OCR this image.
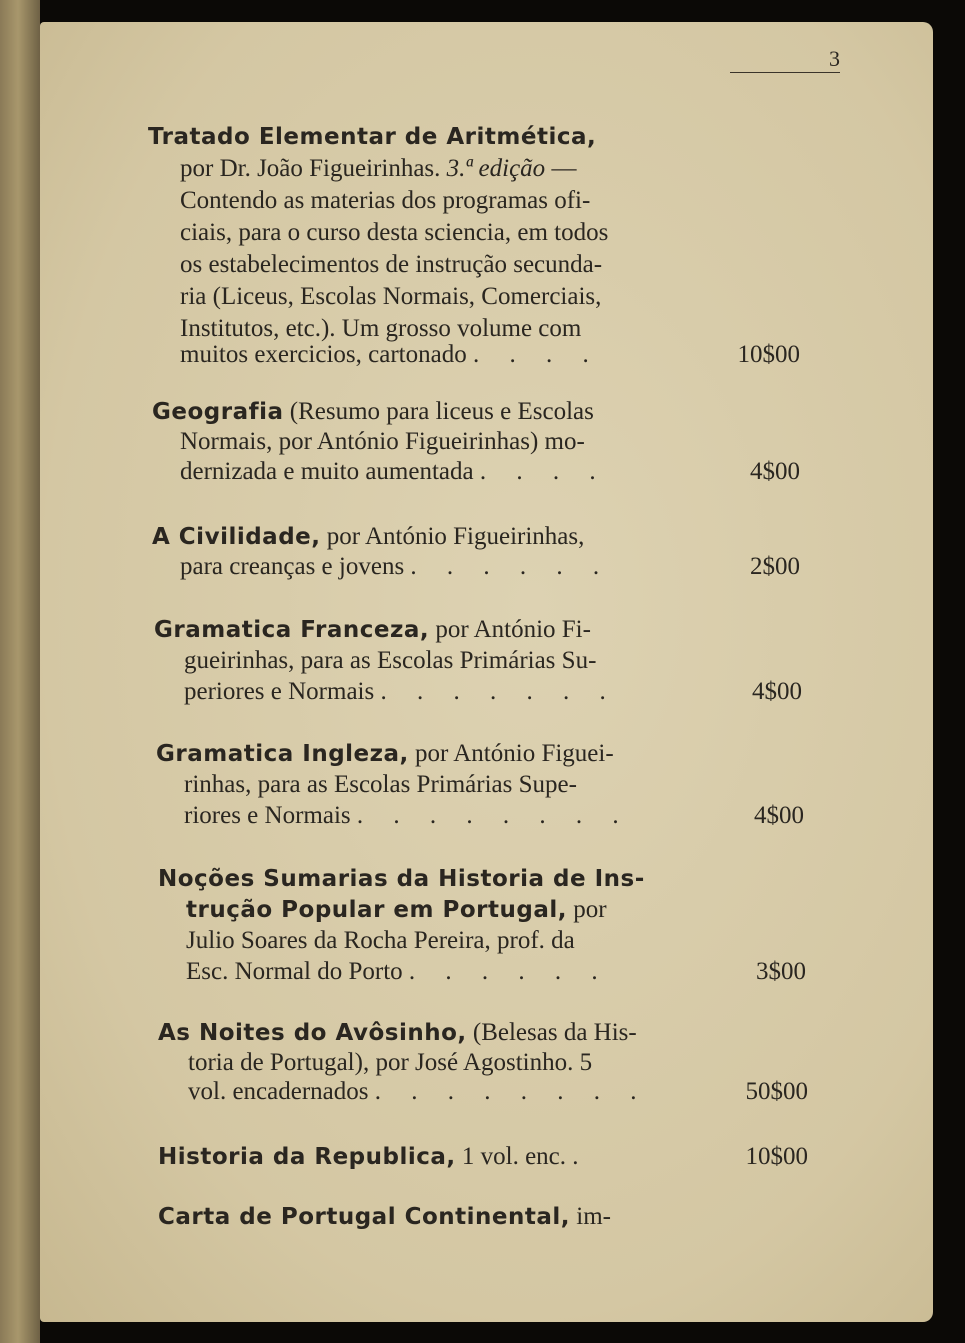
3
Tratado Elementar de Aritmética,
por Dr. João Figueirinhas. 3.ª edição —
Contendo as materias dos programas ofi-
ciais, para o curso desta sciencia, em todos
os estabelecimentos de instrução secunda-
ria (Liceus, Escolas Normais, Comerciais,
Institutos, etc.). Um grosso volume com
muitos exercicios, cartonado . . . .	10$00
Geografia (Resumo para liceus e Escolas
Normais, por António Figueirinhas) mo-
dernizada e muito aumentada . . . .	4$00
A Civilidade, por António Figueirinhas,
para creanças e jovens . . . . . .	2$00
Gramatica Franceza, por António Fi-
gueirinhas, para as Escolas Primárias Su-
periores e Normais . . . . . . .	4$00
Gramatica Ingleza, por António Figuei-
rinhas, para as Escolas Primárias Supe-
riores e Normais . . . . . . . .	4$00
Noções Sumarias da Historia de Ins-
trução Popular em Portugal, por
Julio Soares da Rocha Pereira, prof. da
Esc. Normal do Porto . . . . . .	3$00
As Noites do Avôsinho, (Belesas da His-
toria de Portugal), por José Agostinho. 5
vol. encadernados . . . . . . . .	50$00
Historia da Republica, 1 vol. enc. .	10$00
Carta de Portugal Continental, im-
